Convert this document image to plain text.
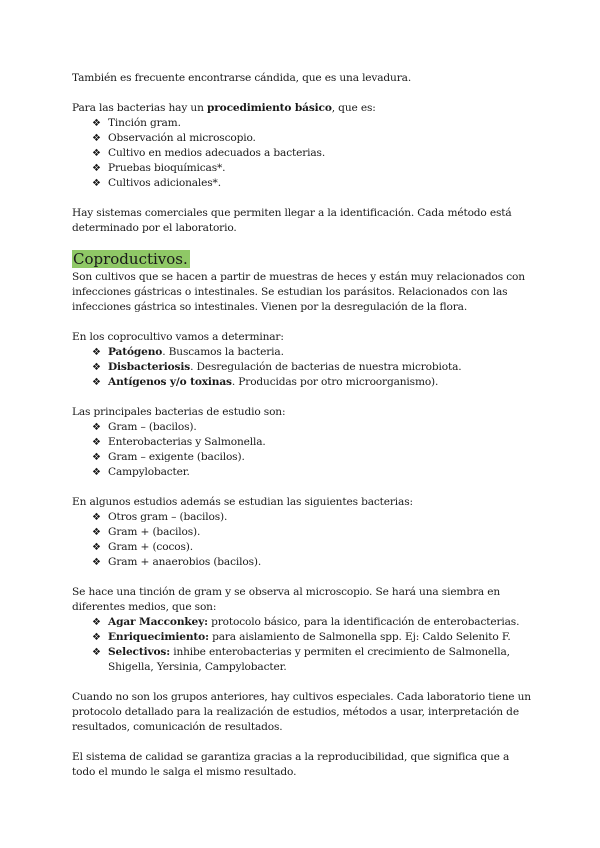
También es frecuente encontrarse cándida, que es una levadura.

Para las bacterias hay un procedimiento básico, que es:

❖ Tinción gram.
❖ Observación al microscopio.
❖ Cultivo en medios adecuados a bacterias.
❖ Pruebas bioquímicas*.
❖ Cultivos adicionales*.

Hay sistemas comerciales que permiten llegar a la identificación. Cada método está determinado por el laboratorio.

Coproductivos.

Son cultivos que se hacen a partir de muestras de heces y están muy relacionados con infecciones gástricas o intestinales. Se estudian los parásitos. Relacionados con las infecciones gástrica so intestinales. Vienen por la desregulación de la flora.

En los coprocultivo vamos a determinar:

❖ Patógeno. Buscamos la bacteria.
❖ Disbacteriosis. Desregulación de bacterias de nuestra microbiota.
❖ Antígenos y/o toxinas. Producidas por otro microorganismo).

Las principales bacterias de estudio son:

❖ Gram – (bacilos).
❖ Enterobacterias y Salmonella.
❖ Gram – exigente (bacilos).
❖ Campylobacter.

En algunos estudios además se estudian las siguientes bacterias:

❖ Otros gram – (bacilos).
❖ Gram + (bacilos).
❖ Gram + (cocos).
❖ Gram + anaerobios (bacilos).

Se hace una tinción de gram y se observa al microscopio. Se hará una siembra en diferentes medios, que son:

❖ Agar Macconkey: protocolo básico, para la identificación de enterobacterias.
❖ Enriquecimiento: para aislamiento de Salmonella spp. Ej: Caldo Selenito F.
❖ Selectivos: inhibe enterobacterias y permiten el crecimiento de Salmonella, Shigella, Yersinia, Campylobacter.

Cuando no son los grupos anteriores, hay cultivos especiales. Cada laboratorio tiene un protocolo detallado para la realización de estudios, métodos a usar, interpretación de resultados, comunicación de resultados.

El sistema de calidad se garantiza gracias a la reproducibilidad, que significa que a todo el mundo le salga el mismo resultado.
